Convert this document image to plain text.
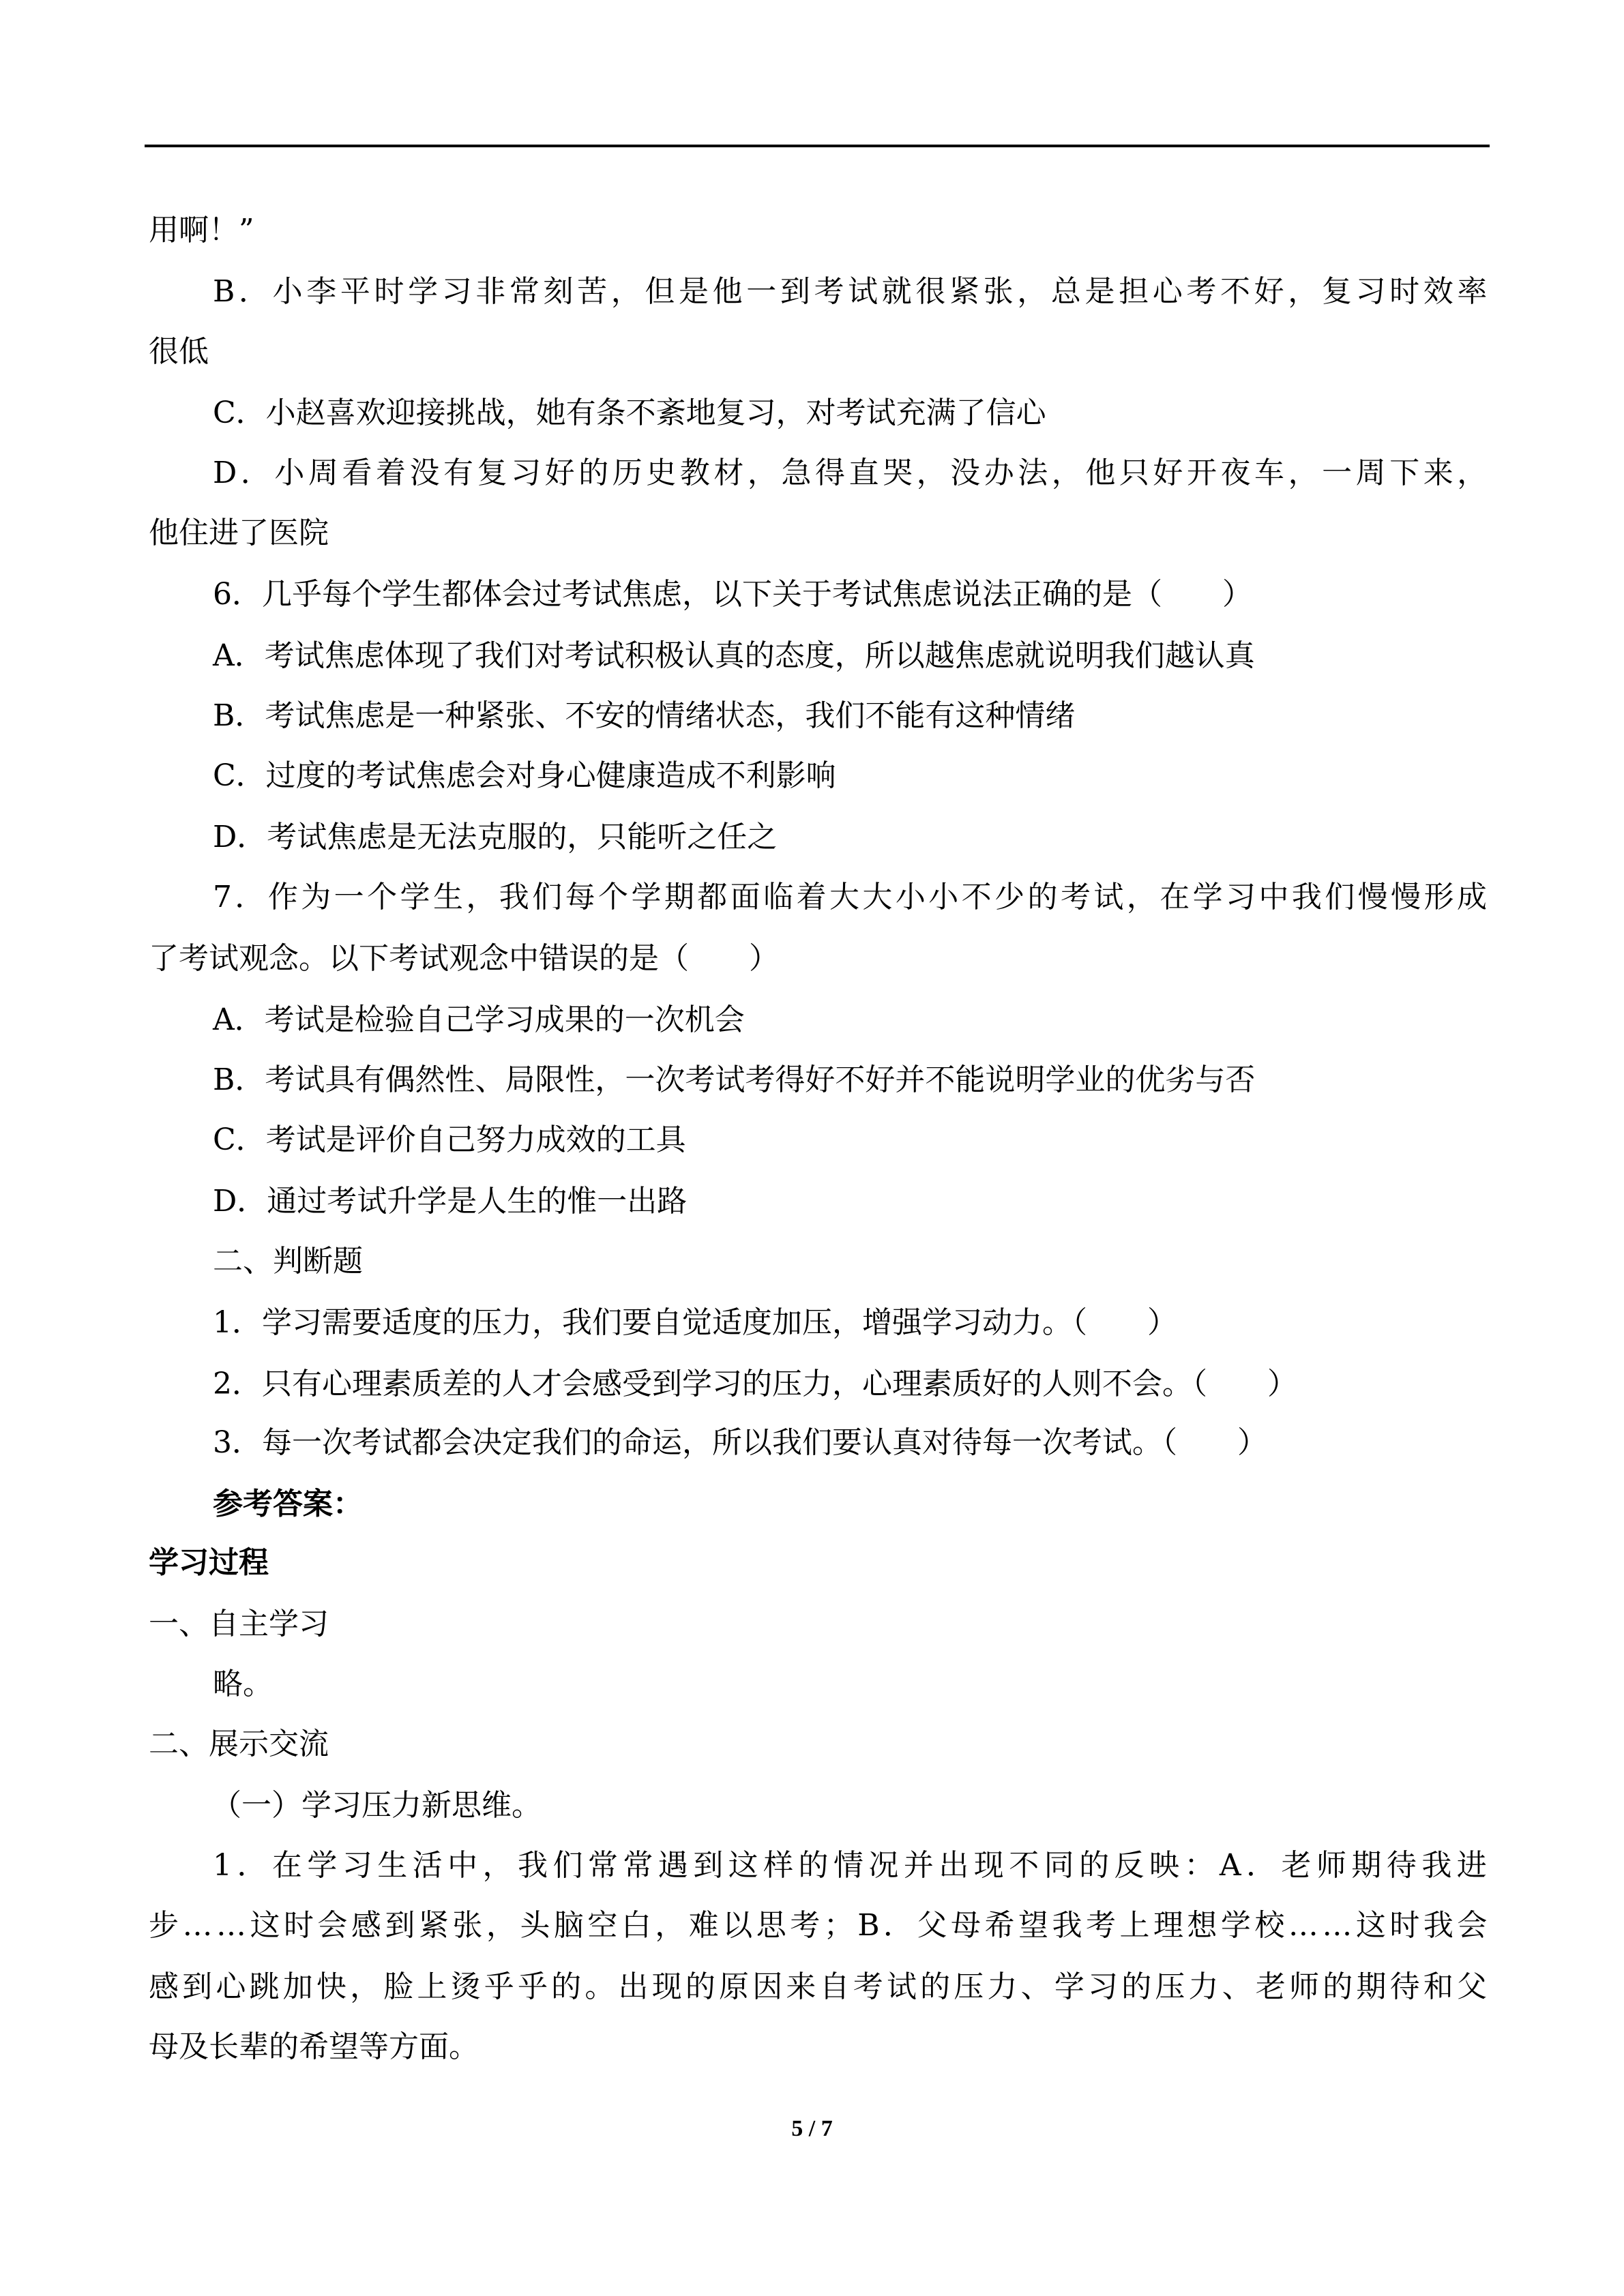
用啊！”
B．小李平时学习非常刻苦，但是他一到考试就很紧张，总是担心考不好，复习时效率
很低
C．小赵喜欢迎接挑战，她有条不紊地复习，对考试充满了信心
D．小周看着没有复习好的历史教材，急得直哭，没办法，他只好开夜车，一周下来，
他住进了医院
6．几乎每个学生都体会过考试焦虑，以下关于考试焦虑说法正确的是（　　）
A．考试焦虑体现了我们对考试积极认真的态度，所以越焦虑就说明我们越认真
B．考试焦虑是一种紧张、不安的情绪状态，我们不能有这种情绪
C．过度的考试焦虑会对身心健康造成不利影响
D．考试焦虑是无法克服的，只能听之任之
7．作为一个学生，我们每个学期都面临着大大小小不少的考试，在学习中我们慢慢形成
了考试观念。以下考试观念中错误的是（　　）
A．考试是检验自己学习成果的一次机会
B．考试具有偶然性、局限性，一次考试考得好不好并不能说明学业的优劣与否
C．考试是评价自己努力成效的工具
D．通过考试升学是人生的惟一出路
二、判断题
1．学习需要适度的压力，我们要自觉适度加压，增强学习动力。（　　）
2．只有心理素质差的人才会感受到学习的压力，心理素质好的人则不会。（　　）
3．每一次考试都会决定我们的命运，所以我们要认真对待每一次考试。（　　）
参考答案：
学习过程
一、自主学习
略。
二、展示交流
（一）学习压力新思维。
1．在学习生活中，我们常常遇到这样的情况并出现不同的反映：A．老师期待我进
步……这时会感到紧张，头脑空白，难以思考；B．父母希望我考上理想学校……这时我会
感到心跳加快，脸上烫乎乎的。出现的原因来自考试的压力、学习的压力、老师的期待和父
母及长辈的希望等方面。
5 / 7
